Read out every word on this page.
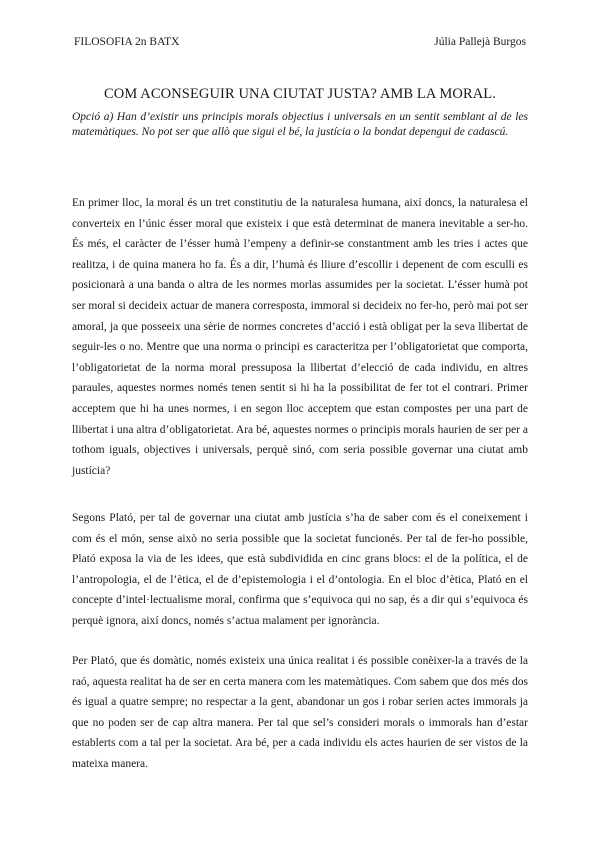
FILOSOFIA 2n BATX	Júlia Pallejà Burgos
COM ACONSEGUIR UNA CIUTAT JUSTA? AMB LA MORAL.
Opció a) Han d’existir uns principis morals objectius i universals en un sentit semblant al de les matemàtiques. No pot ser que allò que sigui el bé, la justícia o la bondat depengui de cadascú.

En primer lloc, la moral és un tret constitutiu de la naturalesa humana, així doncs, la naturalesa el converteix en l’únic ésser moral que existeix i que està determinat de manera inevitable a ser-ho. És més, el caràcter de l’ésser humà l’empeny a definir-se constantment amb les tries i actes que realitza, i de quina manera ho fa. És a dir, l’humà és lliure d’escollir i depenent de com esculli es posicionarà a una banda o altra de les normes morlas assumides per la societat. L’ésser humà pot ser moral si decideix actuar de manera corresposta, immoral si decideix no fer-ho, però mai pot ser amoral, ja que posseeix una sèrie de normes concretes d’acció i està obligat per la seva llibertat de seguir-les o no. Mentre que una norma o principi es caracteritza per l’obligatorietat que comporta, l’obligatorietat de la norma moral pressuposa la llibertat d’elecció de cada individu, en altres paraules, aquestes normes només tenen sentit si hi ha la possibilitat de fer tot el contrari. Primer acceptem que hi ha unes normes, i en segon lloc acceptem que estan compostes per una part de llibertat i una altra d’obligatorietat. Ara bé, aquestes normes o principis morals haurien de ser per a tothom iguals, objectives i universals, perquè sinó, com seria possible governar una ciutat amb justícia?

Segons Plató, per tal de governar una ciutat amb justícia s’ha de saber com és el coneixement i com és el món, sense això no seria possible que la societat funcionés. Per tal de fer-ho possible, Plató exposa la via de les idees, que està subdividida en cinc grans blocs: el de la política, el de l’antropologia, el de l’ètica, el de d’epistemologia i el d’ontologia. En el bloc d’ètica, Plató en el concepte d’intel·lectualisme moral, confirma que s’equivoca qui no sap, és a dir qui s’equivoca és perquè ignora, així doncs, només s’actua malament per ignorància.

Per Plató, que és domàtic, només existeix una única realitat i és possible conèixer-la a través de la raó, aquesta realitat ha de ser en certa manera com les matemàtiques. Com sabem que dos més dos és igual a quatre sempre; no respectar a la gent, abandonar un gos i robar serien actes immorals ja que no poden ser de cap altra manera. Per tal que sel’s consideri morals o immorals han d’estar establerts com a tal per la societat. Ara bé, per a cada individu els actes haurien de ser vistos de la mateixa manera.
